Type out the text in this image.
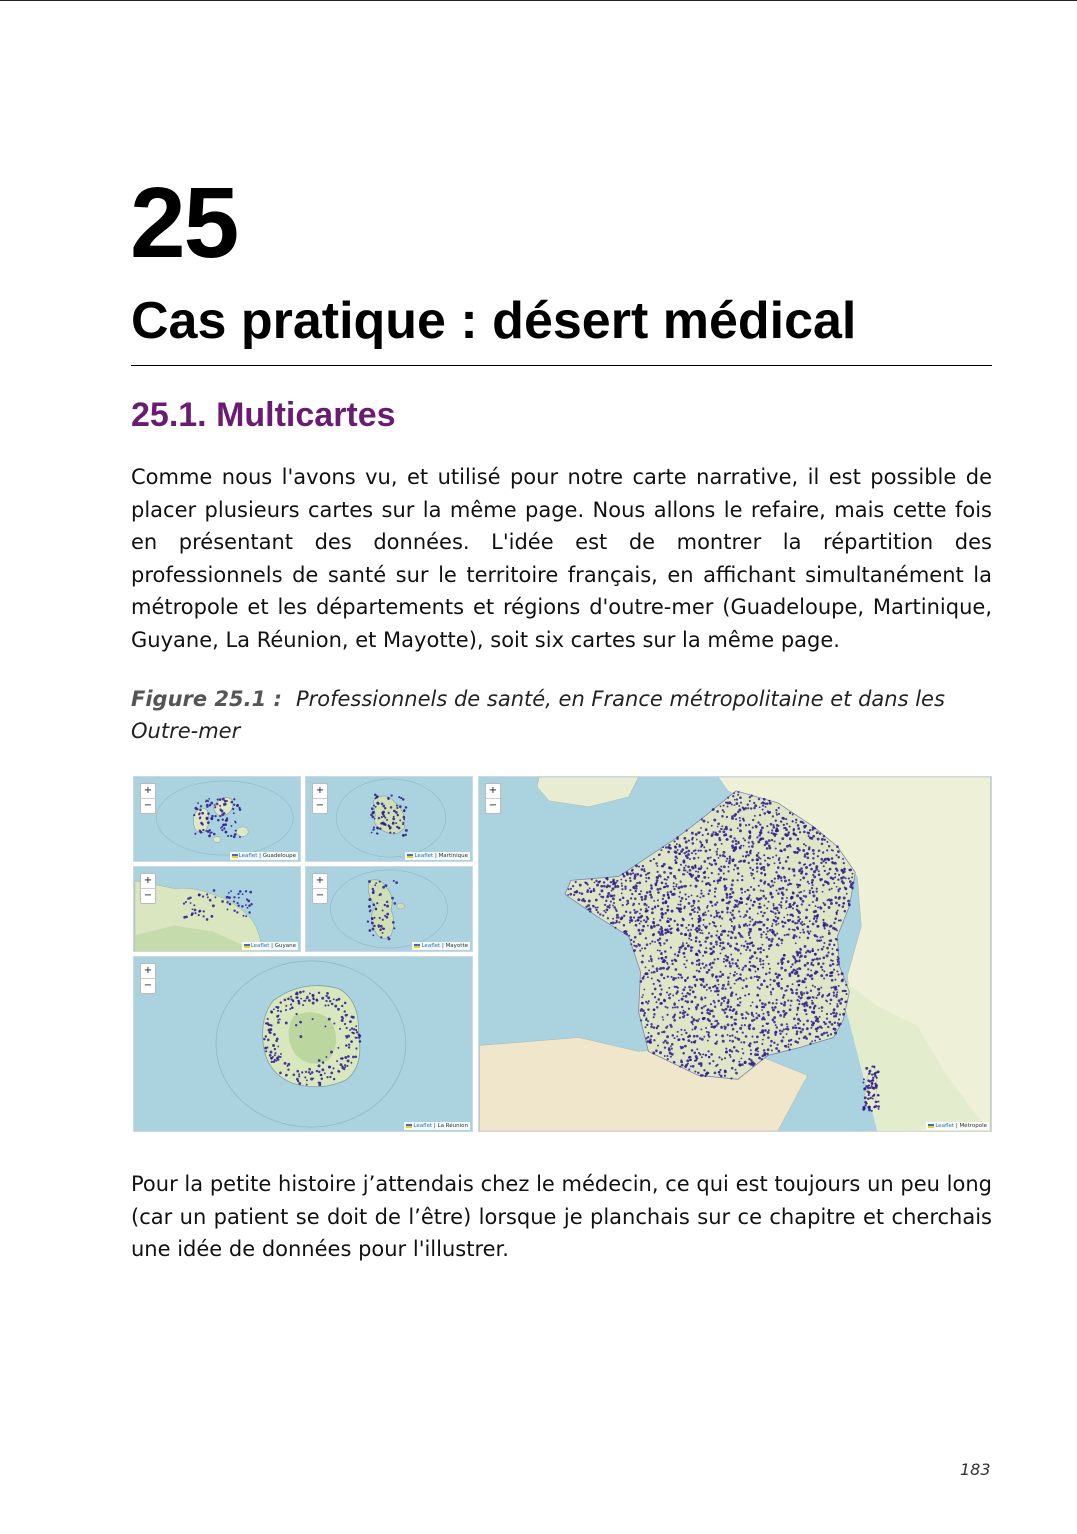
25
Cas pratique : désert médical
25.1. Multicartes

Comme nous l'avons vu, et utilisé pour notre carte narrative, il est possible de placer plusieurs cartes sur la même page. Nous allons le refaire, mais cette fois en présentant des données. L'idée est de montrer la répartition des professionnels de santé sur le territoire français, en affichant simultanément la métropole et les départements et régions d'outre-mer (Guadeloupe, Martinique, Guyane, La Réunion, et Mayotte), soit six cartes sur la même page.

Figure 25.1 : Professionnels de santé, en France métropolitaine et dans les Outre-mer
+
−
Leaflet | Guadeloupe
+
−
Leaflet | Martinique
+
−
Leaflet | Guyane
+
−
Leaflet | Mayotte
+
−
Leaflet | La Réunion
+
−
Leaflet | Métropole

Pour la petite histoire j’attendais chez le médecin, ce qui est toujours un peu long (car un patient se doit de l’être) lorsque je planchais sur ce chapitre et cherchais une idée de données pour l'illustrer.

183
